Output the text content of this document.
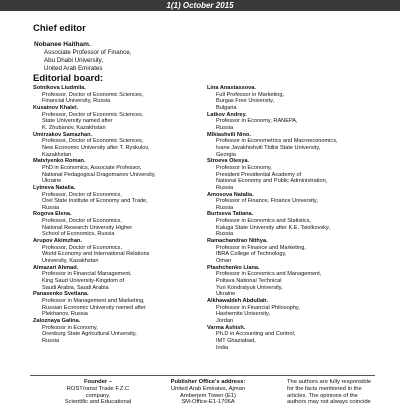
1(1) October 2015
Chief editor
Nobanee Haitham.
Associate Professor of Finance,
Abu Dhabi University,
United Arab Emirates
Editorial board:
Sotnikova Liudmila.
Professor, Doctor of Economic Sciences,
Financial University, Russia
Kusainov Khalel.
Professor, Doctor of Economic Sciences,
State University named after
K. Zhubanov, Kazakhstan
Umirzakov Samazhan.
Professor, Doctor of Economic Sciences,
New Economic University after T. Ryskulov,
Kazakhstan
Matviyenko Roman.
PhD in Economics, Associate Professor,
National Pedagogical Dragomanov University,
Ukraine
Lytneva Natalia.
Professor, Doctor of Economics,
Orel State Institute of Economy and Trade,
Russia
Rogova Elena.
Professor, Doctor of Economics,
National Research University Higher
School of Economics, Russia
Arupov Akimzhan.
Professor, Doctor of Economics,
World Economy and International Relations
University, Kazakhstan
Almazari Ahmad.
Professor in Financial Management,
King Saud University-Kingdom of
Saudi Arabia, Saudi Arabia
Panasenko Svetlana.
Professor in Management and Marketing,
Russian Economic University named after
Plekhanov, Russia
Zaloznaya Galina.
Professor in Economy,
Orenburg State Agricultural University,
Russia
Lina Anastassova.
Full Professor in Marketing,
Burgas Free University,
Bulgaria
Latkov Andrey.
Professor in Economy, RANEPA,
Russia
Mikiashvili Nino.
Professor in Econometrics and Macroeconomics,
Ivane Javakhishvili Tbilisi State University,
Georgia
Stroeva Olesya.
Professor in Economy,
President Presidential Academy of
National Economy and Public Administration,
Russia
Amosova Natalia.
Professor of Finance, Finance University,
Russia
Burtseva Tatiana.
Professor in Economics and Statistics,
Kaluga State University after K.E. Tsiolkovsky,
Russia
Ramachandran Nithya.
Professor in Finance and Marketing,
IBRA College of Technology,
Oman
Ptashchenko Liana.
Professor in Economics and Management,
Poltava National Technical
Yuri Kondratyuk University,
Ukraine
Alkhawaldeh Abdullah.
Professor in Financial Philosophy,
Hashemite University,
Jordan
Varma Ashish.
Ph.D in Accounting and Control,
IMT Ghaziabad,
India
Founder –
ROST/rans/ Trade F.Z.C
company,
Scientific and Educational
Publisher Office's address:
United Arab Emirates, Ajman
Amberjem Tower (E1)
SM-Office-E1-1706A
The authors are fully responsible
for the facts mentioned in the
articles. The opinions of the
authors may not always coincide
